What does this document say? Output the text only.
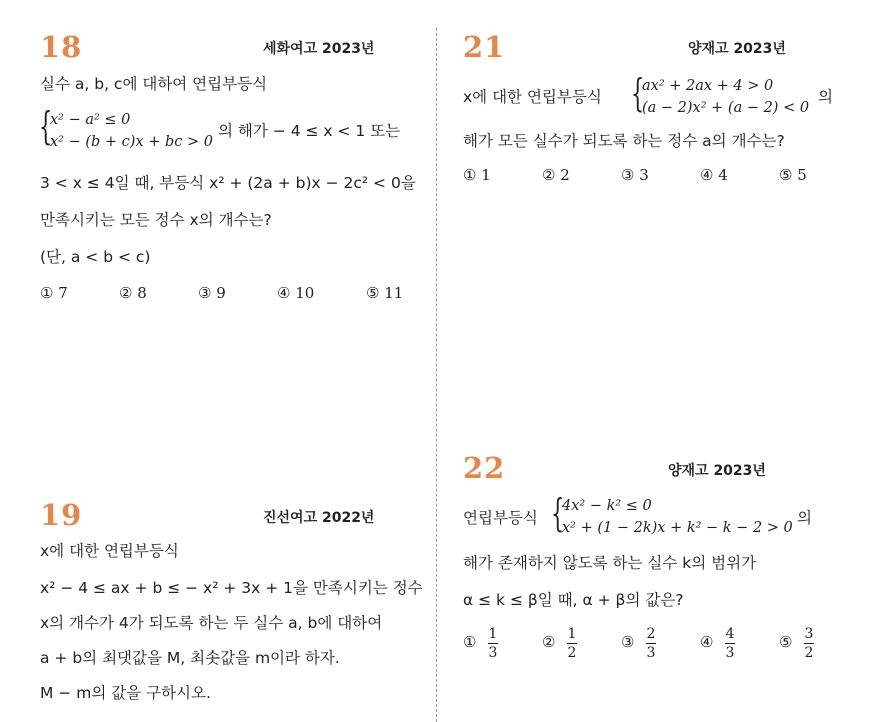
18	세화여고 2023년
실수 a, b, c에 대하여 연립부등식
{
x² − a² ≤ 0
x² − (b + c)x + bc > 0
의 해가 − 4 ≤ x < 1 또는
3 < x ≤ 4일 때, 부등식 x² + (2a + b)x − 2c² < 0을
만족시키는 모든 정수 x의 개수는?
(단, a < b < c)
① 7	② 8	③ 9	④ 10	⑤ 11
19	진선여고 2022년
x에 대한 연립부등식
x² − 4 ≤ ax + b ≤ − x² + 3x + 1을 만족시키는 정수
x의 개수가 4가 되도록 하는 두 실수 a, b에 대하여
a + b의 최댓값을 M, 최솟값을 m이라 하자.
M − m의 값을 구하시오.
21	양재고 2023년
x에 대한 연립부등식 {
ax² + 2ax + 4 > 0
(a − 2)x² + (a − 2) < 0
의
해가 모든 실수가 되도록 하는 정수 a의 개수는?
① 1	② 2	③ 3	④ 4	⑤ 5
22	양재고 2023년
연립부등식 {
4x² − k² ≤ 0
x² + (1 − 2k)x + k² − k − 2 > 0
의
해가 존재하지 않도록 하는 실수 k의 범위가
α ≤ k ≤ β일 때, α + β의 값은?
① 1
3
② 1
2
③ 2
3
④ 4
3
⑤ 3
2
